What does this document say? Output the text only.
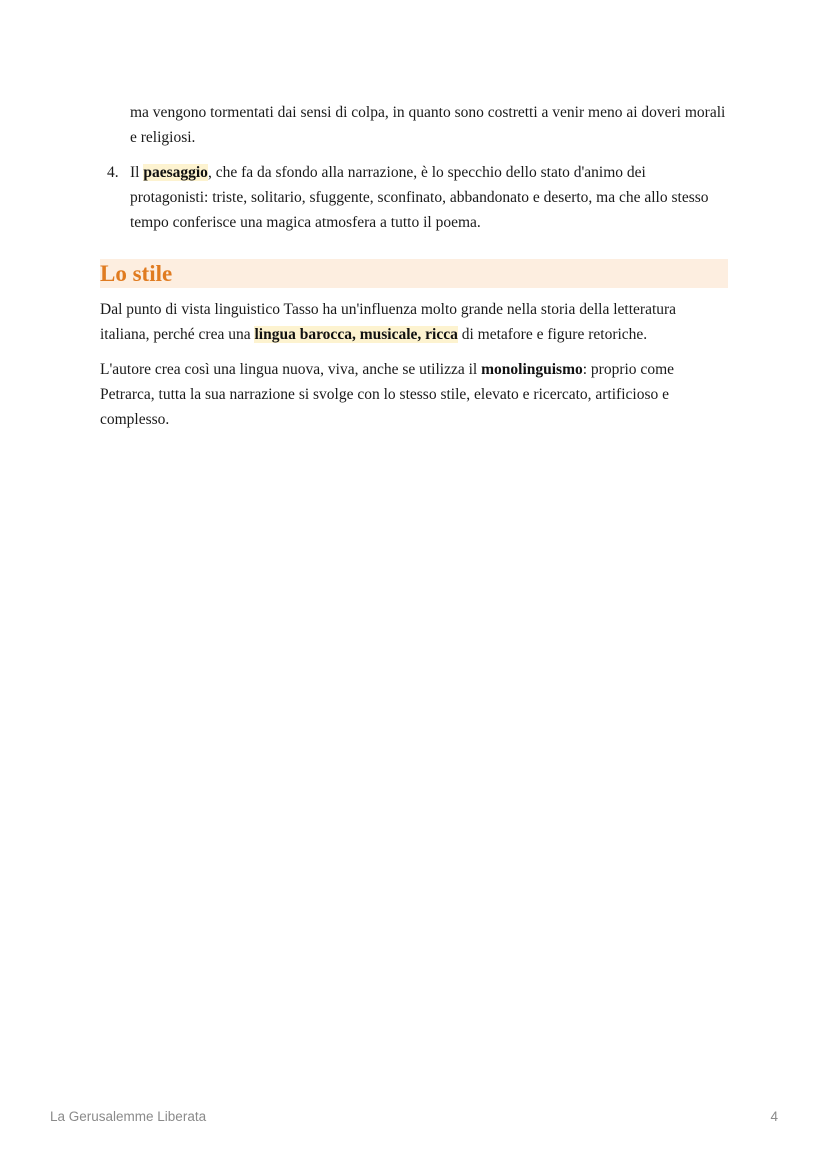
ma vengono tormentati dai sensi di colpa, in quanto sono costretti a venir meno ai doveri morali e religiosi.

4. Il paesaggio, che fa da sfondo alla narrazione, è lo specchio dello stato d'animo dei protagonisti: triste, solitario, sfuggente, sconfinato, abbandonato e deserto, ma che allo stesso tempo conferisce una magica atmosfera a tutto il poema.
Lo stile

Dal punto di vista linguistico Tasso ha un'influenza molto grande nella storia della letteratura italiana, perché crea una lingua barocca, musicale, ricca di metafore e figure retoriche.

L'autore crea così una lingua nuova, viva, anche se utilizza il monolinguismo: proprio come Petrarca, tutta la sua narrazione si svolge con lo stesso stile, elevato e ricercato, artificioso e complesso.

La Gerusalemme Liberata	4
